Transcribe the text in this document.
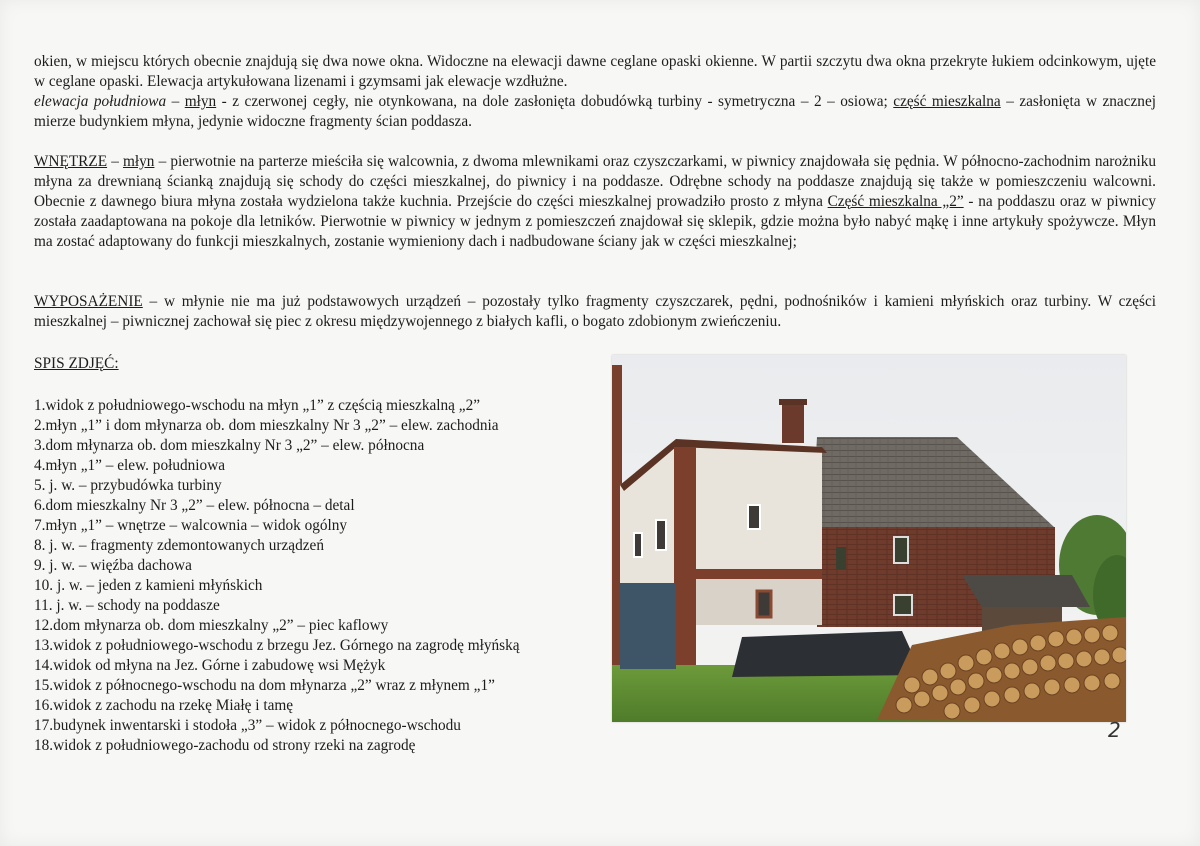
okien, w miejscu których obecnie znajdują się dwa nowe okna. Widoczne na elewacji dawne ceglane opaski okienne. W partii szczytu dwa okna przekryte łukiem odcinkowym, ujęte w ceglane opaski. Elewacja artykułowana lizenami i gzymsami jak elewacje wzdłużne.
elewacja południowa – młyn - z czerwonej cegły, nie otynkowana, na dole zasłonięta dobudówką turbiny - symetryczna – 2 – osiowa; część mieszkalna – zasłonięta w znacznej mierze budynkiem młyna, jedynie widoczne fragmenty ścian poddasza.

WNĘTRZE – młyn – pierwotnie na parterze mieściła się walcownia, z dwoma mlewnikami oraz czyszczarkami, w piwnicy znajdowała się pędnia. W północno-zachodnim narożniku młyna za drewnianą ścianką znajdują się schody do części mieszkalnej, do piwnicy i na poddasze. Odrębne schody na poddasze znajdują się także w pomieszczeniu walcowni. Obecnie z dawnego biura młyna została wydzielona także kuchnia. Przejście do części mieszkalnej prowadziło prosto z młyna Część mieszkalna „2” - na poddaszu oraz w piwnicy została zaadaptowana na pokoje dla letników. Pierwotnie w piwnicy w jednym z pomieszczeń znajdował się sklepik, gdzie można było nabyć mąkę i inne artykuły spożywcze. Młyn ma zostać adaptowany do funkcji mieszkalnych, zostanie wymieniony dach i nadbudowane ściany jak w części mieszkalnej;

WYPOSAŻENIE – w młynie nie ma już podstawowych urządzeń – pozostały tylko fragmenty czyszczarek, pędni, podnośników i kamieni młyńskich oraz turbiny. W części mieszkalnej – piwnicznej zachował się piec z okresu międzywojennego z białych kafli, o bogato zdobionym zwieńczeniu.

SPIS ZDJĘĆ:
1.widok z południowego-wschodu na młyn „1” z częścią mieszkalną „2”
2.młyn „1” i dom młynarza ob. dom mieszkalny Nr 3 „2” – elew. zachodnia
3.dom młynarza ob. dom mieszkalny Nr 3 „2” – elew. północna
4.młyn „1” – elew. południowa
5. j. w. – przybudówka turbiny
6.dom mieszkalny Nr 3 „2” – elew. północna – detal
7.młyn „1” – wnętrze – walcownia – widok ogólny
8. j. w. – fragmenty zdemontowanych urządzeń
9. j. w. – więźba dachowa
10. j. w. – jeden z kamieni młyńskich
11. j. w. – schody na poddasze
12.dom młynarza ob. dom mieszkalny „2” – piec kaflowy
13.widok z południowego-wschodu z brzegu Jez. Górnego na zagrodę młyńską
14.widok od młyna na Jez. Górne i zabudowę wsi Mężyk
15.widok z północnego-wschodu na dom młynarza „2” wraz z młynem „1”
16.widok z zachodu na rzekę Miałę i tamę
17.budynek inwentarski i stodoła „3” – widok z północnego-wschodu
18.widok z południowego-zachodu od strony rzeki na zagrodę
2
